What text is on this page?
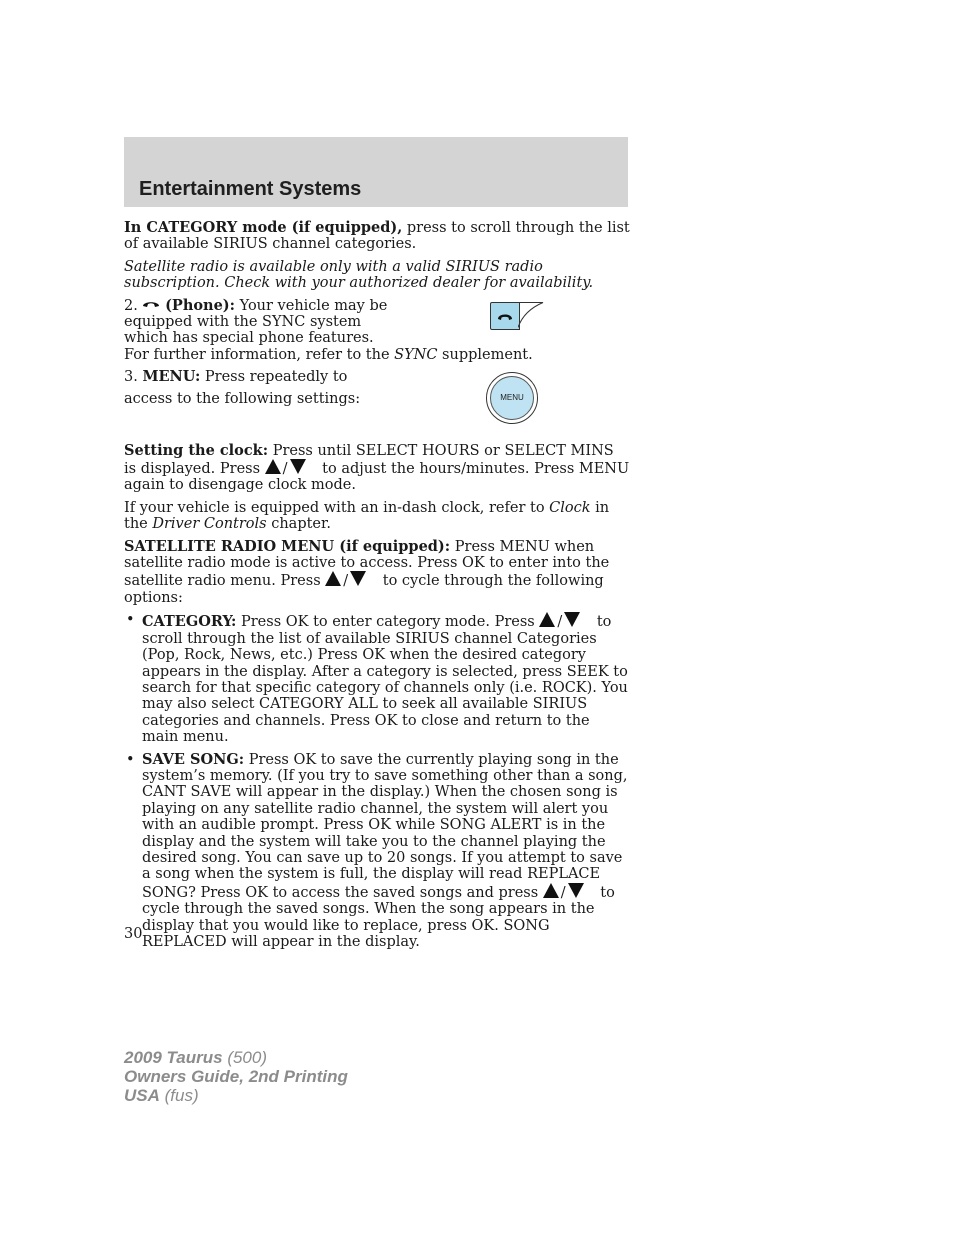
Entertainment Systems

In CATEGORY mode (if equipped), press to scroll through the list of available SIRIUS channel categories.

Satellite radio is available only with a valid SIRIUS radio subscription. Check with your authorized dealer for availability.

2.  (Phone): Your vehicle may be

equipped with the SYNC system

which has special phone features.

For further information, refer to the SYNC supplement.

3. MENU: Press repeatedly to

access to the following settings:

Setting the clock: Press until SELECT HOURS or SELECT MINS is displayed. Press / to adjust the hours/minutes. Press MENU again to disengage clock mode.

If your vehicle is equipped with an in-dash clock, refer to Clock in the Driver Controls chapter.

SATELLITE RADIO MENU (if equipped): Press MENU when satellite radio mode is active to access. Press OK to enter into the satellite radio menu. Press / to cycle through the following options:

• CATEGORY: Press OK to enter category mode. Press / to scroll through the list of available SIRIUS channel Categories (Pop, Rock, News, etc.) Press OK when the desired category appears in the display. After a category is selected, press SEEK to search for that specific category of channels only (i.e. ROCK). You may also select CATEGORY ALL to seek all available SIRIUS categories and channels. Press OK to close and return to the main menu.
• SAVE SONG: Press OK to save the currently playing song in the system’s memory. (If you try to save something other than a song, CANT SAVE will appear in the display.) When the chosen song is playing on any satellite radio channel, the system will alert you with an audible prompt. Press OK while SONG ALERT is in the display and the system will take you to the channel playing the desired song. You can save up to 20 songs. If you attempt to save a song when the system is full, the display will read REPLACE SONG? Press OK to access the saved songs and press / to cycle through the saved songs. When the song appears in the display that you would like to replace, press OK. SONG REPLACED will appear in the display.
MENU
30
2009 Taurus (500)
Owners Guide, 2nd Printing
USA (fus)
